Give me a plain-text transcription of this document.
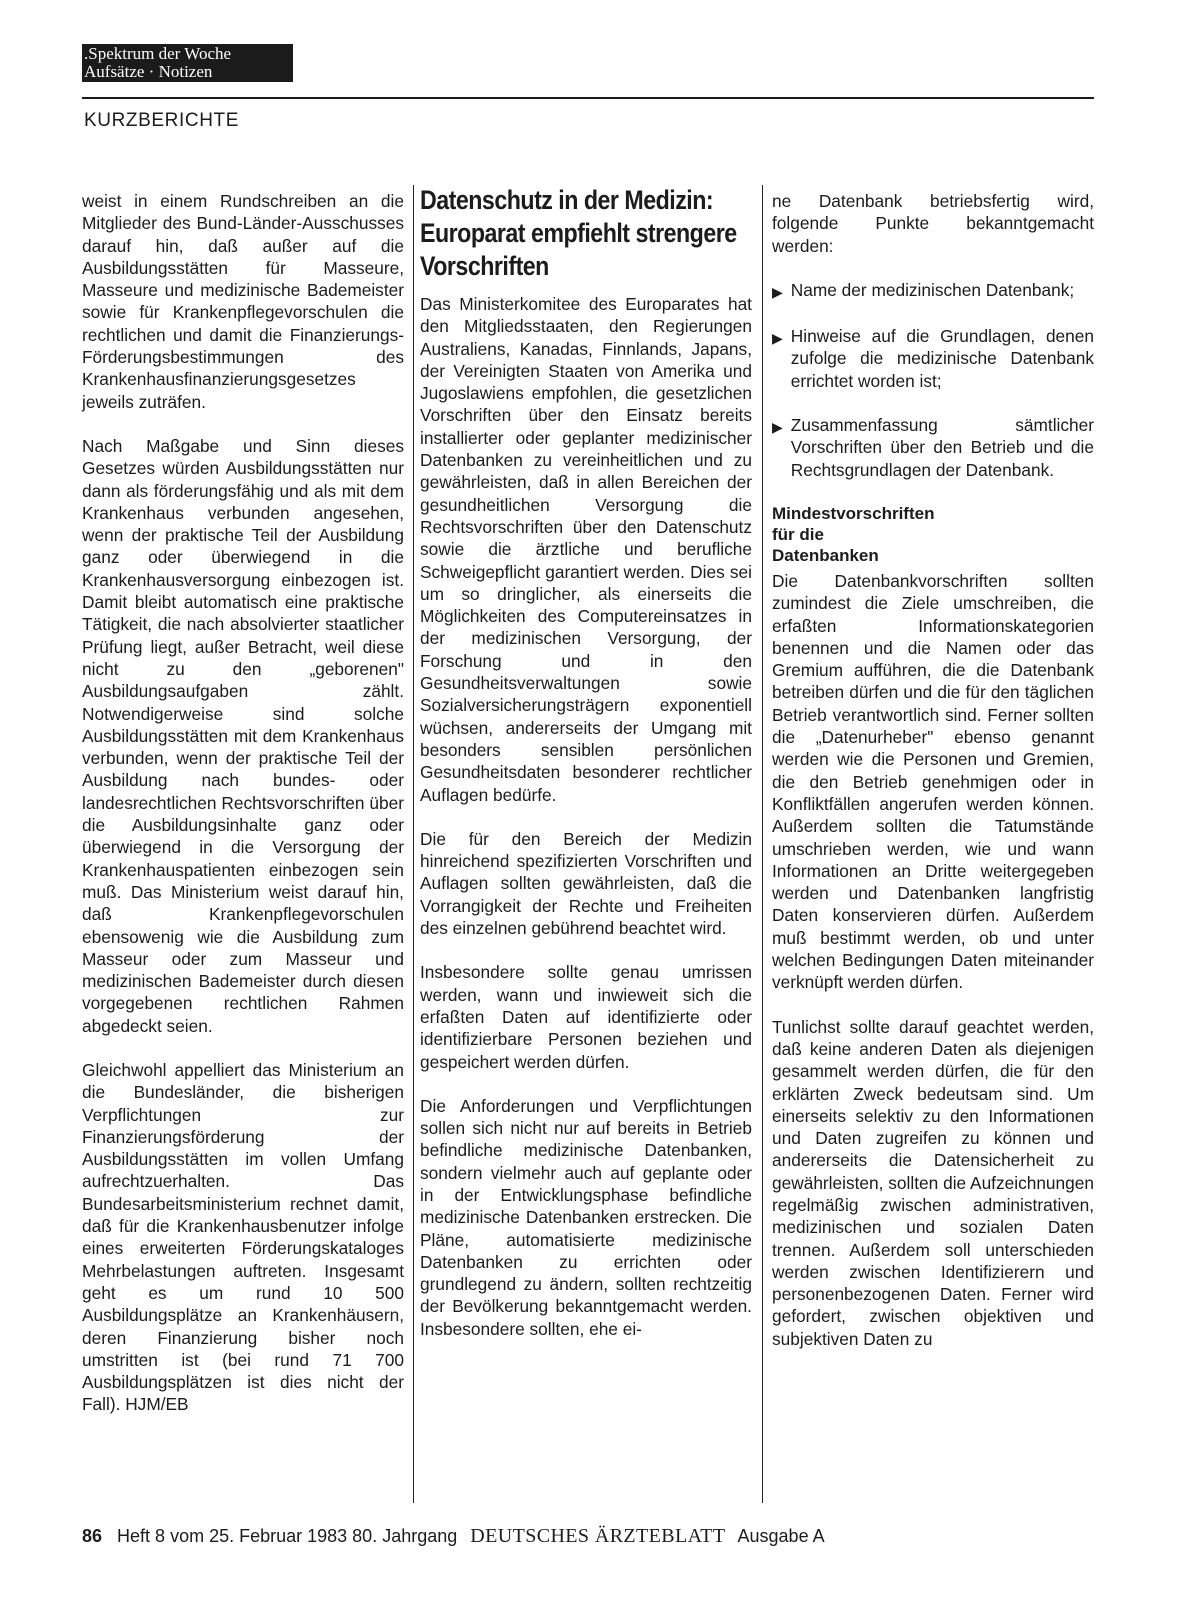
.Spektrum der Woche
Aufsätze · Notizen
KURZBERICHTE

weist in einem Rundschreiben an die Mitglieder des Bund-Länder-Ausschusses darauf hin, daß außer auf die Ausbildungsstätten für Masseure, Masseure und medizinische Bademeister sowie für Krankenpflegevorschulen die rechtlichen und damit die Finanzierungs-Förderungsbestimmungen des Krankenhausfinanzierungsgesetzes jeweils zuträfen.

Nach Maßgabe und Sinn dieses Gesetzes würden Ausbildungsstätten nur dann als förderungsfähig und als mit dem Krankenhaus verbunden angesehen, wenn der praktische Teil der Ausbildung ganz oder überwiegend in die Krankenhausversorgung einbezogen ist. Damit bleibt automatisch eine praktische Tätigkeit, die nach absolvierter staatlicher Prüfung liegt, außer Betracht, weil diese nicht zu den „geborenen" Ausbildungsaufgaben zählt. Notwendigerweise sind solche Ausbildungsstätten mit dem Krankenhaus verbunden, wenn der praktische Teil der Ausbildung nach bundes- oder landesrechtlichen Rechtsvorschriften über die Ausbildungsinhalte ganz oder überwiegend in die Versorgung der Krankenhauspatienten einbezogen sein muß. Das Ministerium weist darauf hin, daß Krankenpflegevorschulen ebensowenig wie die Ausbildung zum Masseur oder zum Masseur und medizinischen Bademeister durch diesen vorgegebenen rechtlichen Rahmen abgedeckt seien.

Gleichwohl appelliert das Ministerium an die Bundesländer, die bisherigen Verpflichtungen zur Finanzierungsförderung der Ausbildungsstätten im vollen Umfang aufrechtzuerhalten. Das Bundesarbeitsministerium rechnet damit, daß für die Krankenhausbenutzer infolge eines erweiterten Förderungskataloges Mehrbelastungen auftreten. Insgesamt geht es um rund 10 500 Ausbildungsplätze an Krankenhäusern, deren Finanzierung bisher noch umstritten ist (bei rund 71 700 Ausbildungsplätzen ist dies nicht der Fall). HJM/EB

Datenschutz in der Medizin: Europarat empfiehlt strengere Vorschriften

Das Ministerkomitee des Europarates hat den Mitgliedsstaaten, den Regierungen Australiens, Kanadas, Finnlands, Japans, der Vereinigten Staaten von Amerika und Jugoslawiens empfohlen, die gesetzlichen Vorschriften über den Einsatz bereits installierter oder geplanter medizinischer Datenbanken zu vereinheitlichen und zu gewährleisten, daß in allen Bereichen der gesundheitlichen Versorgung die Rechtsvorschriften über den Datenschutz sowie die ärztliche und berufliche Schweigepflicht garantiert werden. Dies sei um so dringlicher, als einerseits die Möglichkeiten des Computereinsatzes in der medizinischen Versorgung, der Forschung und in den Gesundheitsverwaltungen sowie Sozialversicherungsträgern exponentiell wüchsen, andererseits der Umgang mit besonders sensiblen persönlichen Gesundheitsdaten besonderer rechtlicher Auflagen bedürfe.

Die für den Bereich der Medizin hinreichend spezifizierten Vorschriften und Auflagen sollten gewährleisten, daß die Vorrangigkeit der Rechte und Freiheiten des einzelnen gebührend beachtet wird.

Insbesondere sollte genau umrissen werden, wann und inwieweit sich die erfaßten Daten auf identifizierte oder identifizierbare Personen beziehen und gespeichert werden dürfen.

Die Anforderungen und Verpflichtungen sollen sich nicht nur auf bereits in Betrieb befindliche medizinische Datenbanken, sondern vielmehr auch auf geplante oder in der Entwicklungsphase befindliche medizinische Datenbanken erstrecken. Die Pläne, automatisierte medizinische Datenbanken zu errichten oder grundlegend zu ändern, sollten rechtzeitig der Bevölkerung bekanntgemacht werden. Insbesondere sollten, ehe ei-

ne Datenbank betriebsfertig wird, folgende Punkte bekanntgemacht werden:

▶ Name der medizinischen Datenbank;

▶ Hinweise auf die Grundlagen, denen zufolge die medizinische Datenbank errichtet worden ist;

▶ Zusammenfassung sämtlicher Vorschriften über den Betrieb und die Rechtsgrundlagen der Datenbank.

Mindestvorschriften
für die
Datenbanken

Die Datenbankvorschriften sollten zumindest die Ziele umschreiben, die erfaßten Informationskategorien benennen und die Namen oder das Gremium aufführen, die die Datenbank betreiben dürfen und die für den täglichen Betrieb verantwortlich sind. Ferner sollten die „Datenurheber" ebenso genannt werden wie die Personen und Gremien, die den Betrieb genehmigen oder in Konfliktfällen angerufen werden können. Außerdem sollten die Tatumstände umschrieben werden, wie und wann Informationen an Dritte weitergegeben werden und Datenbanken langfristig Daten konservieren dürfen. Außerdem muß bestimmt werden, ob und unter welchen Bedingungen Daten miteinander verknüpft werden dürfen.

Tunlichst sollte darauf geachtet werden, daß keine anderen Daten als diejenigen gesammelt werden dürfen, die für den erklärten Zweck bedeutsam sind. Um einerseits selektiv zu den Informationen und Daten zugreifen zu können und andererseits die Datensicherheit zu gewährleisten, sollten die Aufzeichnungen regelmäßig zwischen administrativen, medizinischen und sozialen Daten trennen. Außerdem soll unterschieden werden zwischen Identifizierern und personenbezogenen Daten. Ferner wird gefordert, zwischen objektiven und subjektiven Daten zu

86 Heft 8 vom 25. Februar 1983 80. Jahrgang DEUTSCHES ÄRZTEBLATT Ausgabe A
